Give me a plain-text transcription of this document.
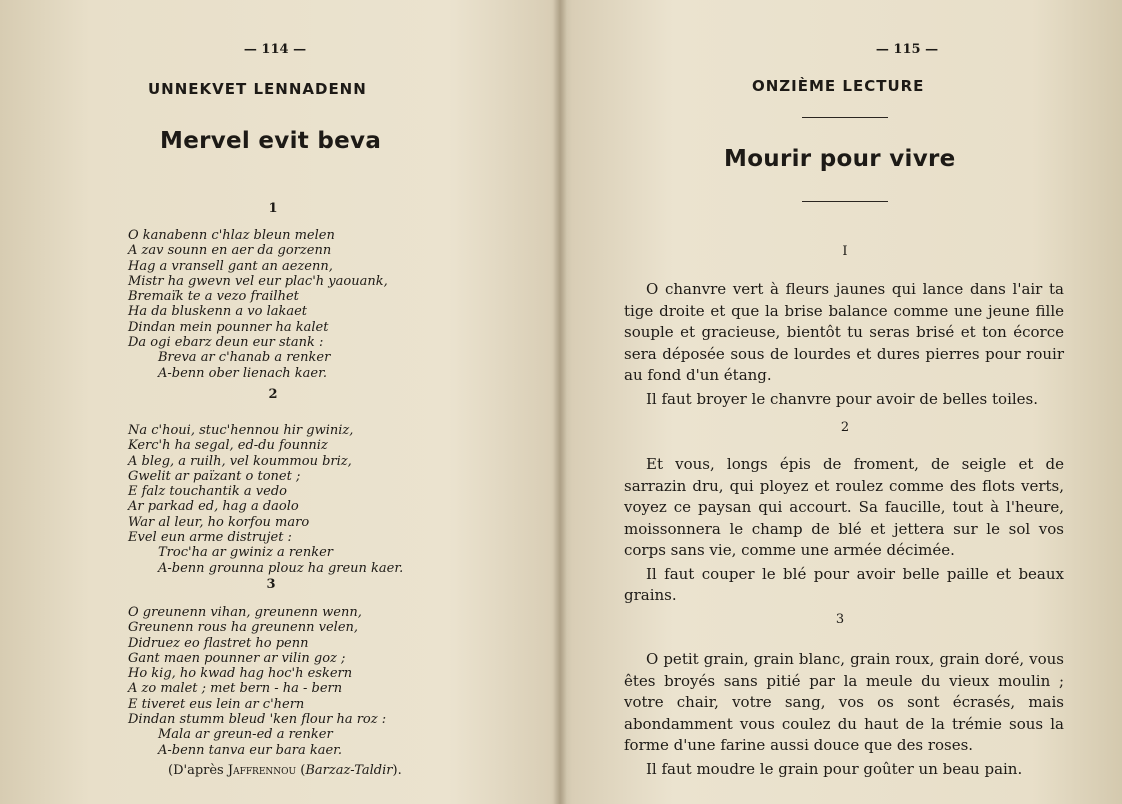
— 114 —
UNNEKVET LENNADENN
Mervel evit beva
1
O kanabenn c'hlaz bleun melen
A zav sounn en aer da gorzenn
Hag a vransell gant an aezenn,
Mistr ha gwevn vel eur plac'h yaouank,
Bremaïk te a vezo frailhet
Ha da bluskenn a vo lakaet
Dindan mein pounner ha kalet
Da ogi ebarz deun eur stank :
Breva ar c'hanab a renker
A-benn ober lienach kaer.
2
Na c'houi, stuc'hennou hir gwiniz,
Kerc'h ha segal, ed-du founniz
A bleg, a ruilh, vel koummou briz,
Gwelit ar païzant o tonet ;
E falz touchantik a vedo
Ar parkad ed, hag a daolo
War al leur, ho korfou maro
Evel eun arme distrujet :
Troc'ha ar gwiniz a renker
A-benn grounna plouz ha greun kaer.
3
O greunenn vihan, greunenn wenn,
Greunenn rous ha greunenn velen,
Didruez eo flastret ho penn
Gant maen pounner ar vilin goz ;
Ho kig, ho kwad hag hoc'h eskern
A zo malet ; met bern - ha - bern
E tiveret eus lein ar c'hern
Dindan stumm bleud 'ken flour ha roz :
Mala ar greun-ed a renker
A-benn tanva eur bara kaer.
(D'après Jaffrennou (Barzaz-Taldir).
— 115 —
ONZIÈME LECTURE
Mourir pour vivre
I

O chanvre vert à fleurs jaunes qui lance dans l'air ta tige droite et que la brise balance comme une jeune fille souple et gracieuse, bientôt tu seras brisé et ton écorce sera déposée sous de lourdes et dures pierres pour rouir au fond d'un étang.

Il faut broyer le chanvre pour avoir de belles toiles.

2

Et vous, longs épis de froment, de seigle et de sarrazin dru, qui ployez et roulez comme des flots verts, voyez ce paysan qui accourt. Sa faucille, tout à l'heure, moissonnera le champ de blé et jettera sur le sol vos corps sans vie, comme une armée décimée.

Il faut couper le blé pour avoir belle paille et beaux grains.

3

O petit grain, grain blanc, grain roux, grain doré, vous êtes broyés sans pitié par la meule du vieux moulin ; votre chair, votre sang, vos os sont écrasés, mais abondamment vous coulez du haut de la trémie sous la forme d'une farine aussi douce que des roses.

Il faut moudre le grain pour goûter un beau pain.
